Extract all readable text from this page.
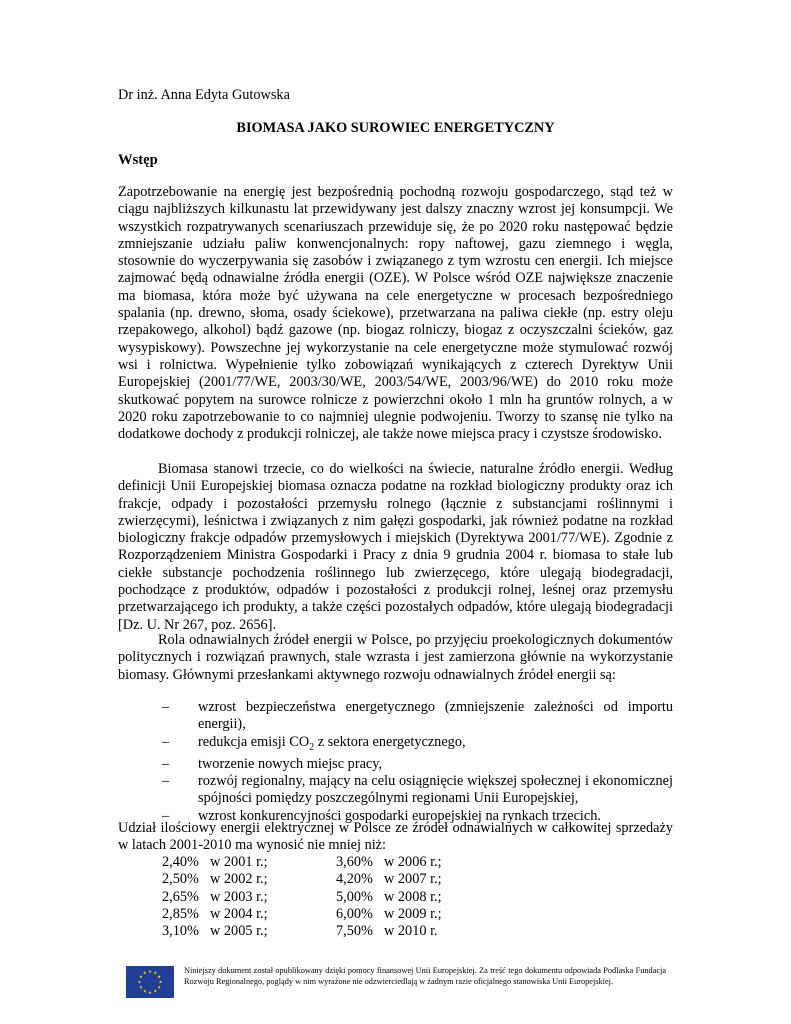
Dr inż. Anna Edyta Gutowska
BIOMASA JAKO SUROWIEC ENERGETYCZNY
Wstęp

Zapotrzebowanie na energię jest bezpośrednią pochodną rozwoju gospodarczego, stąd też w ciągu najbliższych kilkunastu lat przewidywany jest dalszy znaczny wzrost jej konsumpcji. We wszystkich rozpatrywanych scenariuszach przewiduje się, że po 2020 roku następować będzie zmniejszanie udziału paliw konwencjonalnych: ropy naftowej, gazu ziemnego i węgla, stosownie do wyczerpywania się zasobów i związanego z tym wzrostu cen energii. Ich miejsce zajmować będą odnawialne źródła energii (OZE). W Polsce wśród OZE największe znaczenie ma biomasa, która może być używana na cele energetyczne w procesach bezpośredniego spalania (np. drewno, słoma, osady ściekowe), przetwarzana na paliwa ciekłe (np. estry oleju rzepakowego, alkohol) bądź gazowe (np. biogaz rolniczy, biogaz z oczyszczalni ścieków, gaz wysypiskowy). Powszechne jej wykorzystanie na cele energetyczne może stymulować rozwój wsi i rolnictwa. Wypełnienie tylko zobowiązań wynikających z czterech Dyrektyw Unii Europejskiej (2001/77/WE, 2003/30/WE, 2003/54/WE, 2003/96/WE) do 2010 roku może skutkować popytem na surowce rolnicze z powierzchni około 1 mln ha gruntów rolnych, a w 2020 roku zapotrzebowanie to co najmniej ulegnie podwojeniu. Tworzy to szansę nie tylko na dodatkowe dochody z produkcji rolniczej, ale także nowe miejsca pracy i czystsze środowisko.

Biomasa stanowi trzecie, co do wielkości na świecie, naturalne źródło energii. Według definicji Unii Europejskiej biomasa oznacza podatne na rozkład biologiczny produkty oraz ich frakcje, odpady i pozostałości przemysłu rolnego (łącznie z substancjami roślinnymi i zwierzęcymi), leśnictwa i związanych z nim gałęzi gospodarki, jak również podatne na rozkład biologiczny frakcje odpadów przemysłowych i miejskich (Dyrektywa 2001/77/WE). Zgodnie z Rozporządzeniem Ministra Gospodarki i Pracy z dnia 9 grudnia 2004 r. biomasa to stałe lub ciekłe substancje pochodzenia roślinnego lub zwierzęcego, które ulegają biodegradacji, pochodzące z produktów, odpadów i pozostałości z produkcji rolnej, leśnej oraz przemysłu przetwarzającego ich produkty, a także części pozostałych odpadów, które ulegają biodegradacji [Dz. U. Nr 267, poz. 2656].

Rola odnawialnych źródeł energii w Polsce, po przyjęciu proekologicznych dokumentów politycznych i rozwiązań prawnych, stale wzrasta i jest zamierzona głównie na wykorzystanie biomasy. Głównymi przesłankami aktywnego rozwoju odnawialnych źródeł energii są:

– wzrost bezpieczeństwa energetycznego (zmniejszenie zależności od importu energii),
– redukcja emisji $CO_2$ z sektora energetycznego,
– tworzenie nowych miejsc pracy,
– rozwój regionalny, mający na celu osiągnięcie większej społecznej i ekonomicznej spójności pomiędzy poszczególnymi regionami Unii Europejskiej,
– wzrost konkurencyjności gospodarki europejskiej na rynkach trzecich.

Udział ilościowy energii elektrycznej w Polsce ze źródeł odnawialnych w całkowitej sprzedaży w latach 2001-2010 ma wynosić nie mniej niż:

2,40% w 2001 r.;	3,60% w 2006 r.;
2,50% w 2002 r.;	4,20% w 2007 r.;
2,65% w 2003 r.;	5,00% w 2008 r.;
2,85% w 2004 r.;	6,00% w 2009 r.;
3,10% w 2005 r.;	7,50% w 2010 r.

Niniejszy dokument został opublikowany dzięki pomocy finansowej Unii Europejskiej. Za treść tego dokumentu odpowiada Podlaska Fundacja Rozwoju Regionalnego, poglądy w nim wyrażone nie odzwierciedlają w żadnym razie oficjalnego stanowiska Unii Europejskiej.
